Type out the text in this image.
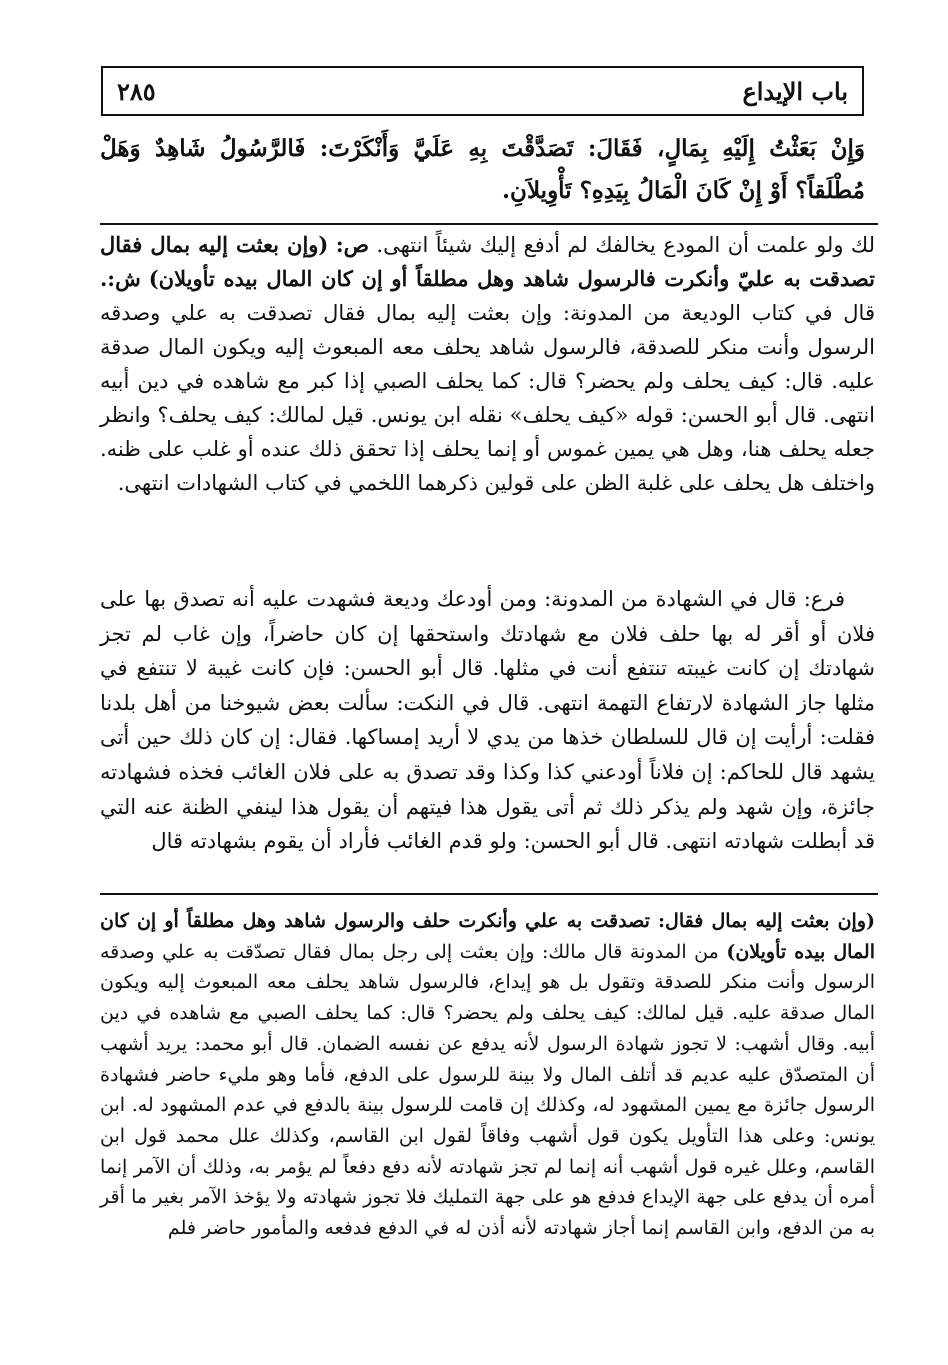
باب الإيداع
٢٨٥

وَإِنْ بَعَثْتُ إِلَيْهِ بِمَالٍ، فَقَالَ: تَصَدَّقْتَ بِهِ عَلَيَّ وَأَنْكَرْتَ: فَالرَّسُولُ شَاهِدٌ وَهَلْ مُطْلَقاً؟ أَوْ إِنْ كَانَ الْمَالُ بِيَدِهِ؟ تَأْوِيلاَنِ.

لك ولو علمت أن المودع يخالفك لم أدفع إليك شيئاً انتهى. ص: (وإن بعثت إليه بمال فقال تصدقت به عليّ وأنكرت فالرسول شاهد وهل مطلقاً أو إن كان المال بيده تأويلان) ش:. قال في كتاب الوديعة من المدونة: وإن بعثت إليه بمال فقال تصدقت به علي وصدقه الرسول وأنت منكر للصدقة، فالرسول شاهد يحلف معه المبعوث إليه ويكون المال صدقة عليه. قال: كيف يحلف ولم يحضر؟ قال: كما يحلف الصبي إذا كبر مع شاهده في دين أبيه انتهى. قال أبو الحسن: قوله «كيف يحلف» نقله ابن يونس. قيل لمالك: كيف يحلف؟ وانظر جعله يحلف هنا، وهل هي يمين غموس أو إنما يحلف إذا تحقق ذلك عنده أو غلب على ظنه. واختلف هل يحلف على غلبة الظن على قولين ذكرهما اللخمي في كتاب الشهادات انتهى.

فرع: قال في الشهادة من المدونة: ومن أودعك وديعة فشهدت عليه أنه تصدق بها على فلان أو أقر له بها حلف فلان مع شهادتك واستحقها إن كان حاضراً، وإن غاب لم تجز شهادتك إن كانت غيبته تنتفع أنت في مثلها. قال أبو الحسن: فإن كانت غيبة لا تنتفع في مثلها جاز الشهادة لارتفاع التهمة انتهى. قال في النكت: سألت بعض شيوخنا من أهل بلدنا فقلت: أرأيت إن قال للسلطان خذها من يدي لا أريد إمساكها. فقال: إن كان ذلك حين أتى يشهد قال للحاكم: إن فلاناً أودعني كذا وكذا وقد تصدق به على فلان الغائب فخذه فشهادته جائزة، وإن شهد ولم يذكر ذلك ثم أتى يقول هذا فيتهم أن يقول هذا لينفي الظنة عنه التي قد أبطلت شهادته انتهى. قال أبو الحسن: ولو قدم الغائب فأراد أن يقوم بشهادته قال

(وإن بعثت إليه بمال فقال: تصدقت به علي وأنكرت حلف والرسول شاهد وهل مطلقاً أو إن كان المال بيده تأويلان) من المدونة قال مالك: وإن بعثت إلى رجل بمال فقال تصدّقت به علي وصدقه الرسول وأنت منكر للصدقة وتقول بل هو إيداع، فالرسول شاهد يحلف معه المبعوث إليه ويكون المال صدقة عليه. قيل لمالك: كيف يحلف ولم يحضر؟ قال: كما يحلف الصبي مع شاهده في دين أبيه. وقال أشهب: لا تجوز شهادة الرسول لأنه يدفع عن نفسه الضمان. قال أبو محمد: يريد أشهب أن المتصدّق عليه عديم قد أتلف المال ولا بينة للرسول على الدفع، فأما وهو مليء حاضر فشهادة الرسول جائزة مع يمين المشهود له، وكذلك إن قامت للرسول بينة بالدفع في عدم المشهود له. ابن يونس: وعلى هذا التأويل يكون قول أشهب وفاقاً لقول ابن القاسم، وكذلك علل محمد قول ابن القاسم، وعلل غيره قول أشهب أنه إنما لم تجز شهادته لأنه دفع دفعاً لم يؤمر به، وذلك أن الآمر إنما أمره أن يدفع على جهة الإيداع فدفع هو على جهة التمليك فلا تجوز شهادته ولا يؤخذ الآمر بغير ما أقر به من الدفع، وابن القاسم إنما أجاز شهادته لأنه أذن له في الدفع فدفعه والمأمور حاضر فلم
